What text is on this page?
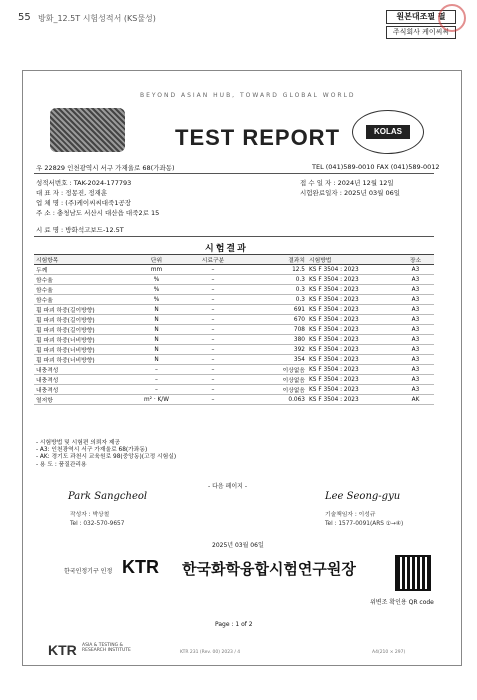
55 방화_12.5T 시험성적서 (KS물성)	원본대조필 필
주식회사 케이씨씨
BEYOND ASIAN HUB, TOWARD GLOBAL WORLD
TEST REPORT	KOLAS
우 22829 인천광역시 서구 가재울로 68(가좌동)	TEL (041)589-0010 FAX (041)589-0012
성적서번호 : TAK-2024-177793
대 표 자 : 정몽진, 정재훈
업 체 명 : (주)케이씨씨대죽1공장
주 소 : 충청남도 서산시 대산읍 대죽2로 15
접 수 일 자 : 2024년 12월 12일
시험완료일자 : 2025년 03월 06일
시 료 명 : 방화석고보드-12.5T
시험결과
시험항목	단위	시료구분	결과치	시험방법	장소
두께	mm	–	12.5	KS F 3504 : 2023	A3
함수율	%	–	0.3	KS F 3504 : 2023	A3
함수율	%	–	0.3	KS F 3504 : 2023	A3
함수율	%	–	0.3	KS F 3504 : 2023	A3
휨 파괴 하중(길이방향)	N	–	691	KS F 3504 : 2023	A3
휨 파괴 하중(길이방향)	N	–	670	KS F 3504 : 2023	A3
휨 파괴 하중(길이방향)	N	–	708	KS F 3504 : 2023	A3
휨 파괴 하중(너비방향)	N	–	380	KS F 3504 : 2023	A3
휨 파괴 하중(너비방향)	N	–	392	KS F 3504 : 2023	A3
휨 파괴 하중(너비방향)	N	–	354	KS F 3504 : 2023	A3
내충격성	–	–	이상없음	KS F 3504 : 2023	A3
내충격성	–	–	이상없음	KS F 3504 : 2023	A3
내충격성	–	–	이상없음	KS F 3504 : 2023	A3
열저항	m² · K/W	–	0.063	KS F 3504 : 2023	AK
- 시험방법 및 시험편 의뢰자 제공
- A3: 인천광역시 서구 가재울로 68(가좌동)
- AK: 경기도 과천시 교육원로 98(중앙동)(고정 시험실)
- 용 도 : 품질관리용
- 다음 페이지 -
Park Sangcheol
작성자 : 박상철
Tel : 032-570-9657
Lee Seong-gyu
기술책임자 : 이성규
Tel : 1577-0091(ARS ①→④)
2025년 03월 06일
한국인정기구 인정 KTR 한국화학융합시험연구원장
위변조 확인용 QR code
Page : 1 of 2
KTR ASIA & TESTING &
RESEARCH INSTITUTE	KTR 231 (Rev. 00) 2023 / 4	A4(210 × 297)
